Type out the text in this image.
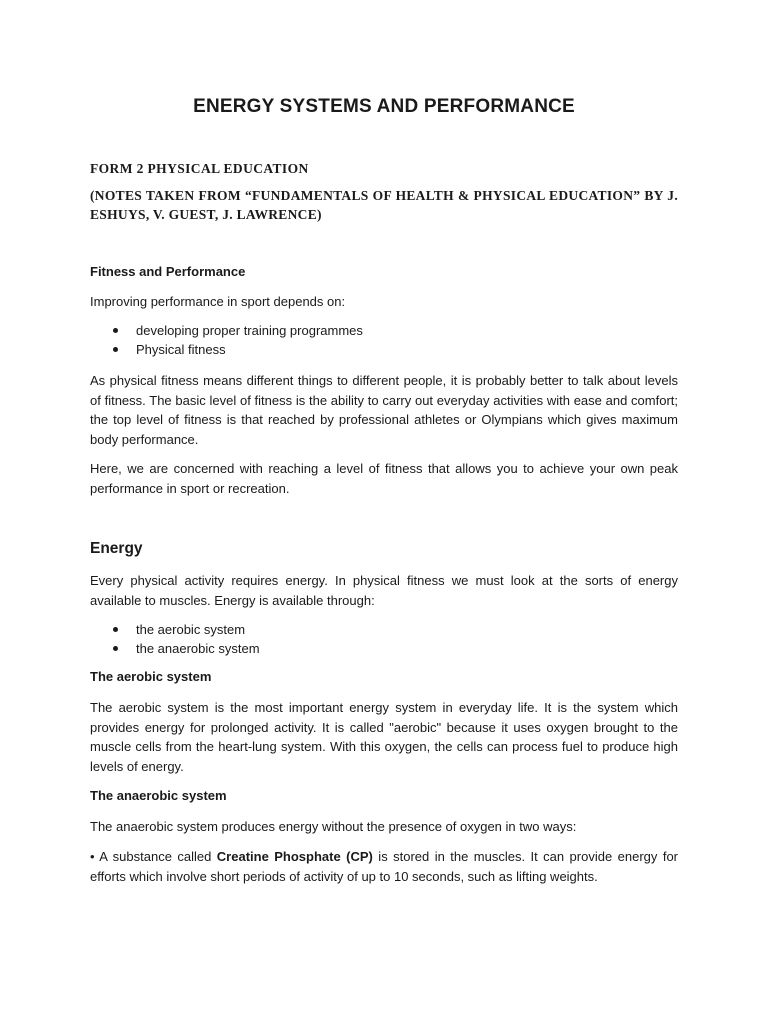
ENERGY SYSTEMS AND PERFORMANCE
FORM 2 PHYSICAL EDUCATION
(NOTES TAKEN FROM “FUNDAMENTALS OF HEALTH & PHYSICAL EDUCATION” BY J. ESHUYS, V. GUEST, J. LAWRENCE)
Fitness and Performance
Improving performance in sport depends on:
developing proper training programmes
Physical fitness
As physical fitness means different things to different people, it is probably better to talk about levels of fitness. The basic level of fitness is the ability to carry out everyday activities with ease and comfort; the top level of fitness is that reached by professional athletes or Olympians which gives maximum body performance.
Here, we are concerned with reaching a level of fitness that allows you to achieve your own peak performance in sport or recreation.
Energy
Every physical activity requires energy. In physical fitness we must look at the sorts of energy available to muscles. Energy is available through:
the aerobic system
the anaerobic system
The aerobic system
The aerobic system is the most important energy system in everyday life. It is the system which provides energy for prolonged activity. It is called "aerobic" because it uses oxygen brought to the muscle cells from the heart-lung system. With this oxygen, the cells can process fuel to produce high levels of energy.
The anaerobic system
The anaerobic system produces energy without the presence of oxygen in two ways:
• A substance called Creatine Phosphate (CP) is stored in the muscles. It can provide energy for efforts which involve short periods of activity of up to 10 seconds, such as lifting weights.
